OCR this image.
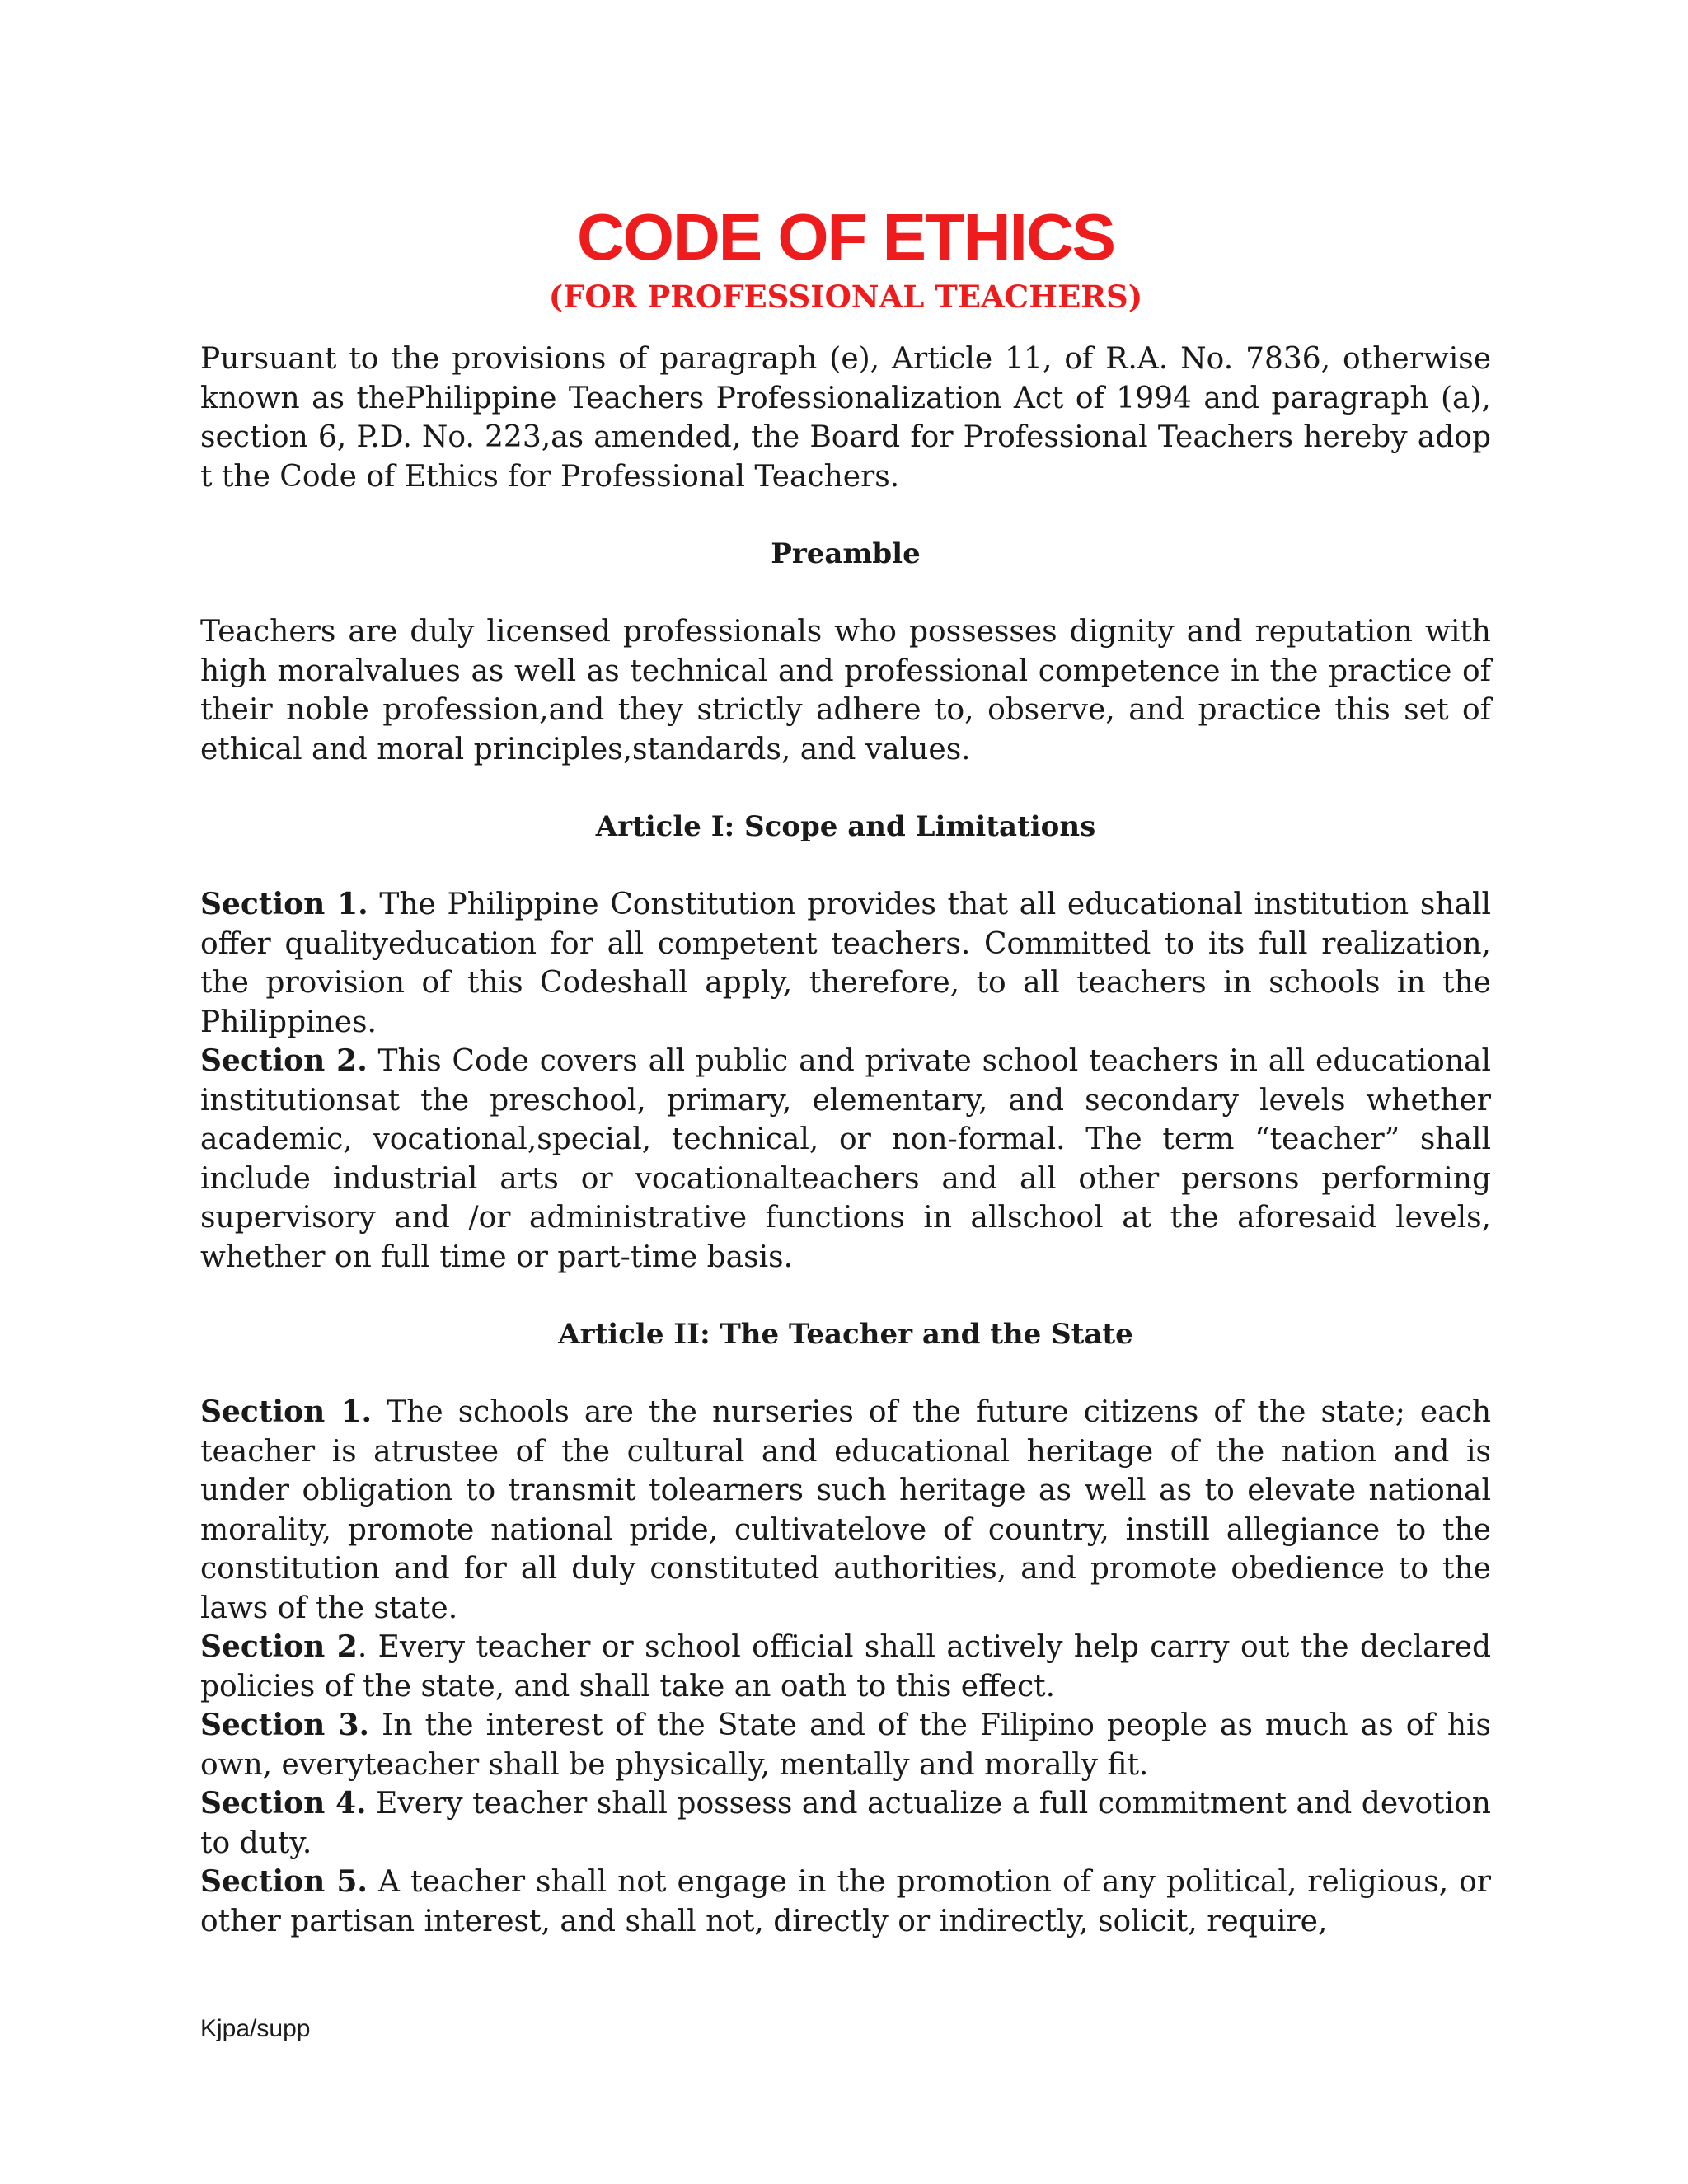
CODE OF ETHICS
(FOR PROFESSIONAL TEACHERS)

Pursuant to the provisions of paragraph (e), Article 11, of R.A. No. 7836, otherwise known as thePhilippine Teachers Professionalization Act of 1994 and paragraph (a), section 6, P.D. No. 223,as amended, the Board for Professional Teachers hereby adop t the Code of Ethics for Professional Teachers.

Preamble

Teachers are duly licensed professionals who possesses dignity and reputation with high moralvalues as well as technical and professional competence in the practice of their noble profession,and they strictly adhere to, observe, and practice this set of ethical and moral principles,standards, and values.

Article I: Scope and Limitations

Section 1. The Philippine Constitution provides that all educational institution shall offer qualityeducation for all competent teachers. Committed to its full realization, the provision of this Codeshall apply, therefore, to all teachers in schools in the Philippines.

Section 2. This Code covers all public and private school teachers in all educational institutionsat the preschool, primary, elementary, and secondary levels whether academic, vocational,special, technical, or non-formal. The term “teacher” shall include industrial arts or vocationalteachers and all other persons performing supervisory and /or administrative functions in allschool at the aforesaid levels, whether on full time or part-time basis.

Article II: The Teacher and the State

Section 1. The schools are the nurseries of the future citizens of the state; each teacher is atrustee of the cultural and educational heritage of the nation and is under obligation to transmit tolearners such heritage as well as to elevate national morality, promote national pride, cultivatelove of country, instill allegiance to the constitution and for all duly constituted authorities, and promote obedience to the laws of the state.

Section 2. Every teacher or school official shall actively help carry out the declared policies of the state, and shall take an oath to this effect.

Section 3. In the interest of the State and of the Filipino people as much as of his own, everyteacher shall be physically, mentally and morally fit.

Section 4. Every teacher shall possess and actualize a full commitment and devotion to duty.

Section 5. A teacher shall not engage in the promotion of any political, religious, or other partisan interest, and shall not, directly or indirectly, solicit, require,

Kjpa/supp
